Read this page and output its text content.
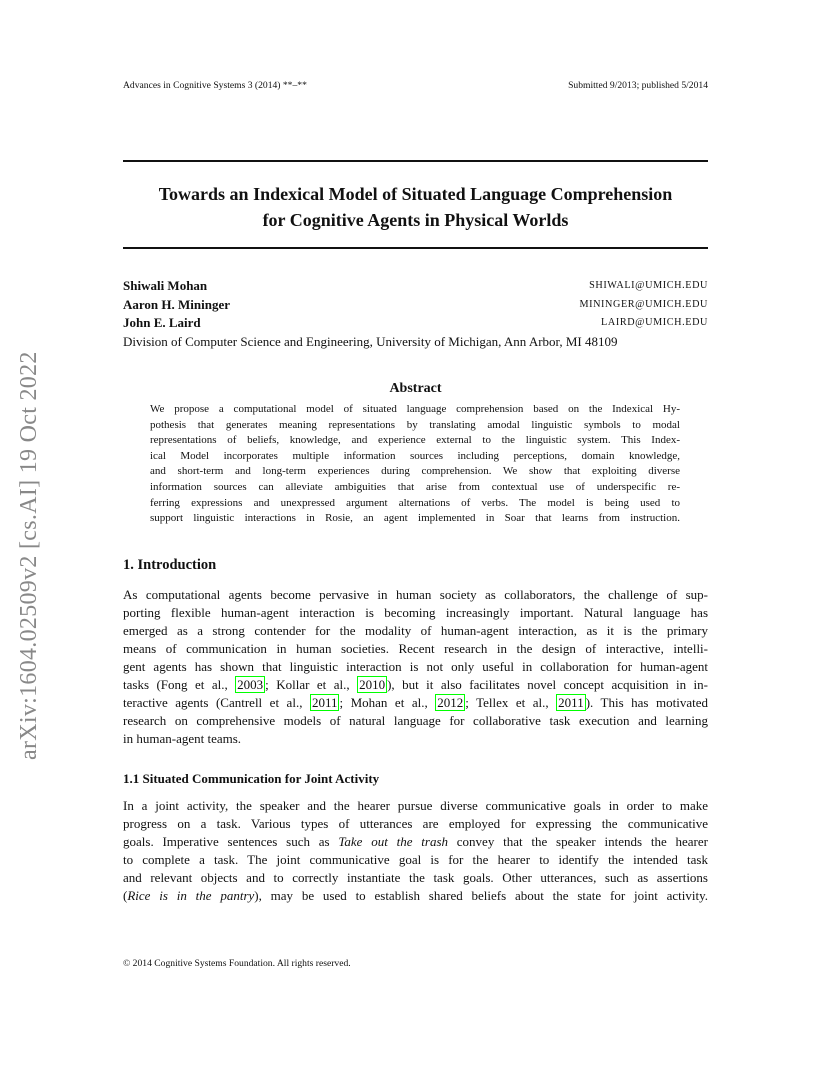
Advances in Cognitive Systems 3 (2014) **–**	Submitted 9/2013; published 5/2014
arXiv:1604.02509v2 [cs.AI] 19 Oct 2022
Towards an Indexical Model of Situated Language Comprehension
for Cognitive Agents in Physical Worlds
Shiwali Mohan	SHIWALI@UMICH.EDU
Aaron H. Mininger	MININGER@UMICH.EDU
John E. Laird	LAIRD@UMICH.EDU
Division of Computer Science and Engineering, University of Michigan, Ann Arbor, MI 48109
Abstract
We propose a computational model of situated language comprehension based on the Indexical Hy-
pothesis that generates meaning representations by translating amodal linguistic symbols to modal
representations of beliefs, knowledge, and experience external to the linguistic system. This Index-
ical Model incorporates multiple information sources including perceptions, domain knowledge,
and short-term and long-term experiences during comprehension. We show that exploiting diverse
information sources can alleviate ambiguities that arise from contextual use of underspecific re-
ferring expressions and unexpressed argument alternations of verbs. The model is being used to
support linguistic interactions in Rosie, an agent implemented in Soar that learns from instruction.
1. Introduction
As computational agents become pervasive in human society as collaborators, the challenge of sup-
porting flexible human-agent interaction is becoming increasingly important. Natural language has
emerged as a strong contender for the modality of human-agent interaction, as it is the primary
means of communication in human societies. Recent research in the design of interactive, intelli-
gent agents has shown that linguistic interaction is not only useful in collaboration for human-agent
tasks (Fong et al., 2003 ; Kollar et al., 2010 ), but it also facilitates novel concept acquisition in in-
teractive agents (Cantrell et al., 2011 ; Mohan et al., 2012 ; Tellex et al., 2011 ). This has motivated
research on comprehensive models of natural language for collaborative task execution and learning
in human-agent teams.
1.1 Situated Communication for Joint Activity
In a joint activity, the speaker and the hearer pursue diverse communicative goals in order to make
progress on a task. Various types of utterances are employed for expressing the communicative
goals. Imperative sentences such as Take out the trash convey that the speaker intends the hearer
to complete a task. The joint communicative goal is for the hearer to identify the intended task
and relevant objects and to correctly instantiate the task goals. Other utterances, such as assertions
(Rice is in the pantry), may be used to establish shared beliefs about the state for joint activity.
© 2014 Cognitive Systems Foundation. All rights reserved.
